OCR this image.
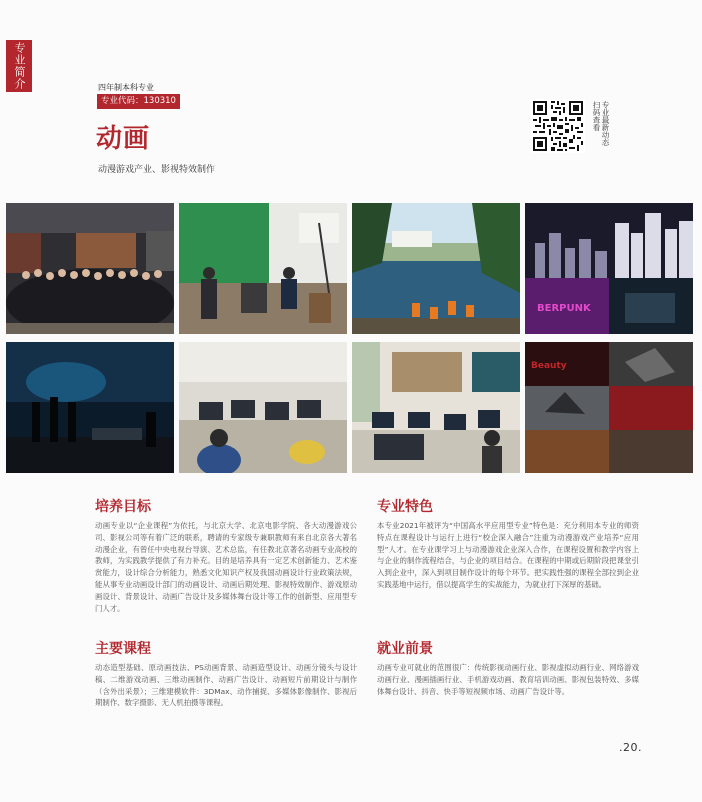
专业简介	四年制本科专业
专业代码：130310
动画
动漫游戏产业、影视特效制作
扫码查看 专业最新动态
BERPUNK
Beauty
培养目标
动画专业以“企业课程”为依托，与北京大学、北京电影学院、各大动漫游戏公司、影视公司等有着广泛的联系，聘请的专家级专兼职教师有来自北京各大著名动漫企业，有曾任中央电视台导演、艺术总监，有任教北京著名动画专业高校的教师，为实践教学提供了有力补充。目的是培养具有一定艺术创新能力、艺术鉴赏能力，设计综合分析能力，熟悉文化知识产权及我国动画设计行业政策法规，能从事专业动画设计部门的动画设计、动画后期处理、影视特效制作、游戏原动画设计、背景设计、动画广告设计及多媒体舞台设计等工作的创新型、应用型专门人才。
专业特色
本专业2021年被评为“中国高水平应用型专业”特色是：充分利用本专业的师资特点在课程设计与运行上进行“校企深入融合”注重为动漫游戏产业培养“应用型”人才。在专业课学习上与动漫游戏企业深入合作，在课程设置和教学内容上与企业的制作流程结合，与企业的项目结合。在课程的中期或后期阶段把课堂引入到企业中，深入到项目制作设计的每个环节。把实践性强的课程全部拉到企业实践基地中运行，借以提高学生的实战能力，为就业打下深厚的基础。
主要课程
动态造型基础、原动画技法、PS动画背景、动画造型设计、动画分镜头与设计稿、二维游戏动画、三维动画制作、动画广告设计、动画短片前期设计与制作（含外出采景）；三维建模软件：3DMax、动作捕捉、多媒体影像制作、影视后期制作、数字摄影、无人机拍摄等课程。
就业前景
动画专业可就业的范围很广：传统影视动画行业、影视虚拟动画行业、网络游戏动画行业、漫画插画行业、手机游戏动画、教育培训动画、影视包装特效、多媒体舞台设计、抖音、快手等短视频市场、动画广告设计等。
.20.
